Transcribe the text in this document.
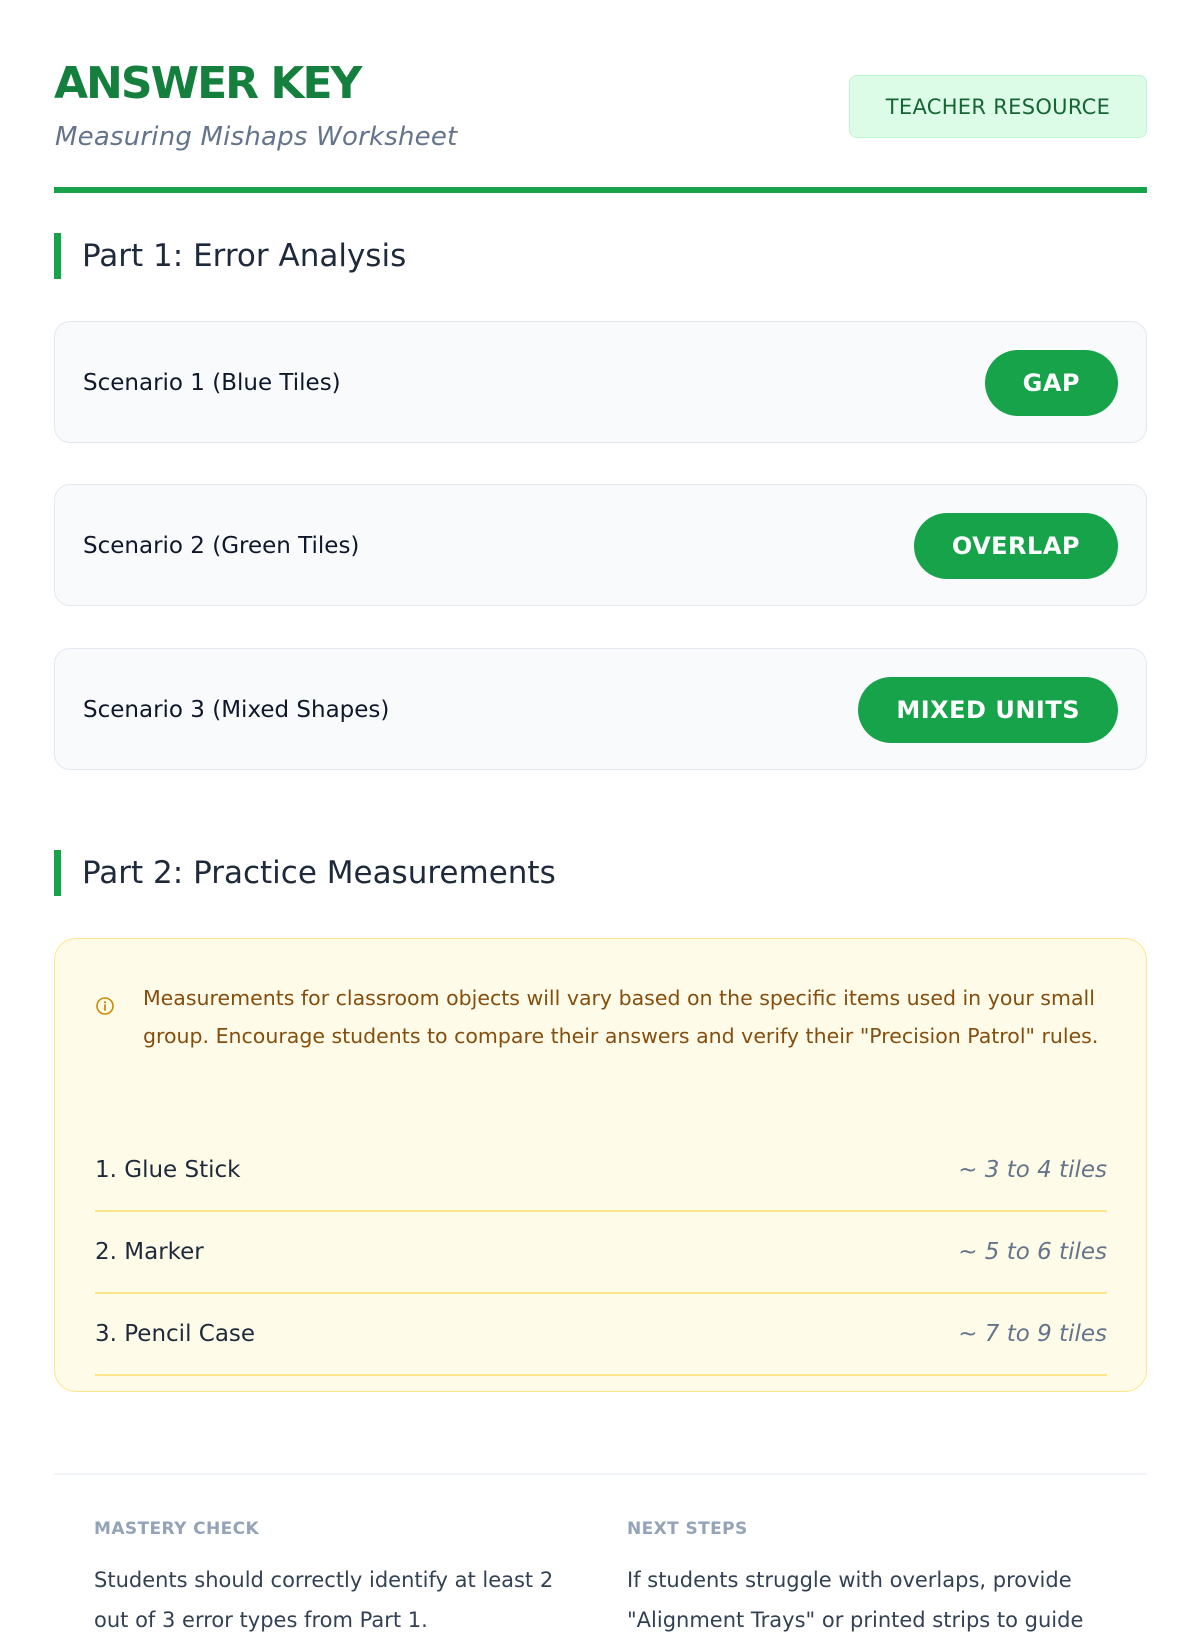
ANSWER KEY
Measuring Mishaps Worksheet
TEACHER RESOURCE
Part 1: Error Analysis
Scenario 1 (Blue Tiles)	GAP
Scenario 2 (Green Tiles)	OVERLAP
Scenario 3 (Mixed Shapes)	MIXED UNITS
Part 2: Practice Measurements
Measurements for classroom objects will vary based on the specific items used in your small group. Encourage students to compare their answers and verify their "Precision Patrol" rules.
1. Glue Stick	~ 3 to 4 tiles
2. Marker	~ 5 to 6 tiles
3. Pencil Case	~ 7 to 9 tiles
MASTERY CHECK
Students should correctly identify at least 2 out of 3 error types from Part 1.
NEXT STEPS
If students struggle with overlaps, provide "Alignment Trays" or printed strips to guide
